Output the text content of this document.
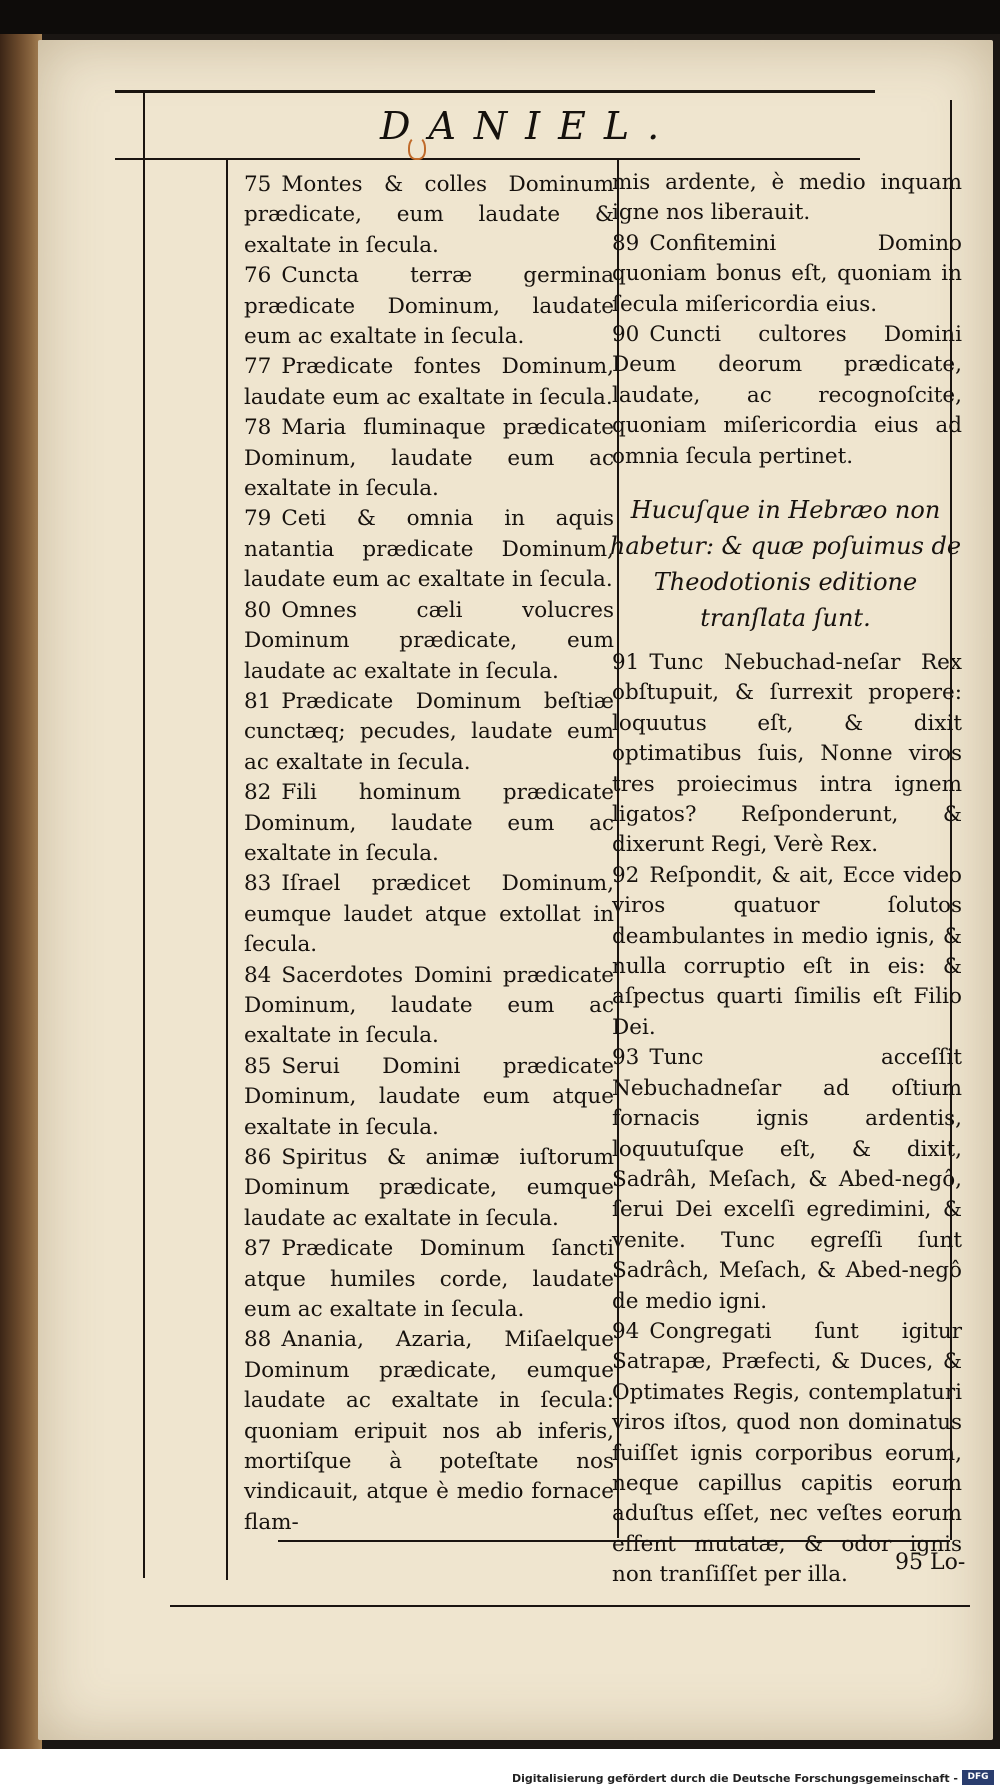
DANIEL.

75 Montes & colles Dominum prædicate, eum laudate & exaltate in ſecula.

76 Cuncta terræ germina prædicate Dominum, laudate eum ac exaltate in ſecula.

77 Prædicate fontes Dominum, laudate eum ac exaltate in ſecula.

78 Maria fluminaque prædicate Dominum, laudate eum ac exaltate in ſecula.

79 Ceti & omnia in aquis natantia prædicate Dominum, laudate eum ac exaltate in ſecula.

80 Omnes cæli volucres Dominum prædicate, eum laudate ac exaltate in ſecula.

81 Prædicate Dominum beſtiæ cunctæq; pecudes, laudate eum ac exaltate in ſecula.

82 Fili hominum prædicate Dominum, laudate eum ac exaltate in ſecula.

83 Iſrael prædicet Dominum, eumque laudet atque extollat in ſecula.

84 Sacerdotes Domini prædicate Dominum, laudate eum ac exaltate in ſecula.

85 Serui Domini prædicate Dominum, laudate eum atque exaltate in ſecula.

86 Spiritus & animæ iuſtorum Dominum prædicate, eumque laudate ac exaltate in ſecula.

87 Prædicate Dominum ſancti atque humiles corde, laudate eum ac exaltate in ſecula.

88 Anania, Azaria, Miſaelque Dominum prædicate, eumque laudate ac exaltate in ſecula: quoniam eripuit nos ab inferis, mortiſque à poteſtate nos vindicauit, atque è medio fornace flam-

mis ardente, è medio inquam igne nos liberauit.

89 Confitemini Domino quoniam bonus eſt, quoniam in ſecula miſericordia eius.

90 Cuncti cultores Domini Deum deorum prædicate, laudate, ac recognoſcite, quoniam miſericordia eius ad omnia ſecula pertinet.

Hucuſque in Hebræo non habetur: & quæ poſuimus de Theodotionis editione tranſlata ſunt.

91 Tunc Nebuchad-neſar Rex obſtupuit, & ſurrexit propere: loquutus eſt, & dixit optimatibus ſuis, Nonne viros tres proiecimus intra ignem ligatos? Reſponderunt, & dixerunt Regi, Verè Rex.

92 Reſpondit, & ait, Ecce video viros quatuor ſolutos deambulantes in medio ignis, & nulla corruptio eſt in eis: & aſpectus quarti ſimilis eſt Filio Dei.

93 Tunc acceſſit Nebuchadneſar ad oſtium fornacis ignis ardentis, loquutuſque eſt, & dixit, Sadrâh, Meſach, & Abed-negô, ſerui Dei excelſi egredimini, & venite. Tunc egreſſi ſunt Sadrâch, Meſach, & Abed-negô de medio igni.

94 Congregati ſunt igitur Satrapæ, Præfecti, & Duces, & Optimates Regis, contemplaturi viros iſtos, quod non dominatus fuiſſet ignis corporibus eorum, neque capillus capitis eorum aduſtus eſſet, nec veſtes eorum eſſent mutatæ, & odor ignis non tranſiſſet per illa.	95 Lo-
Digitalisierung gefördert durch die Deutsche Forschungsgemeinschaft -	DFG
